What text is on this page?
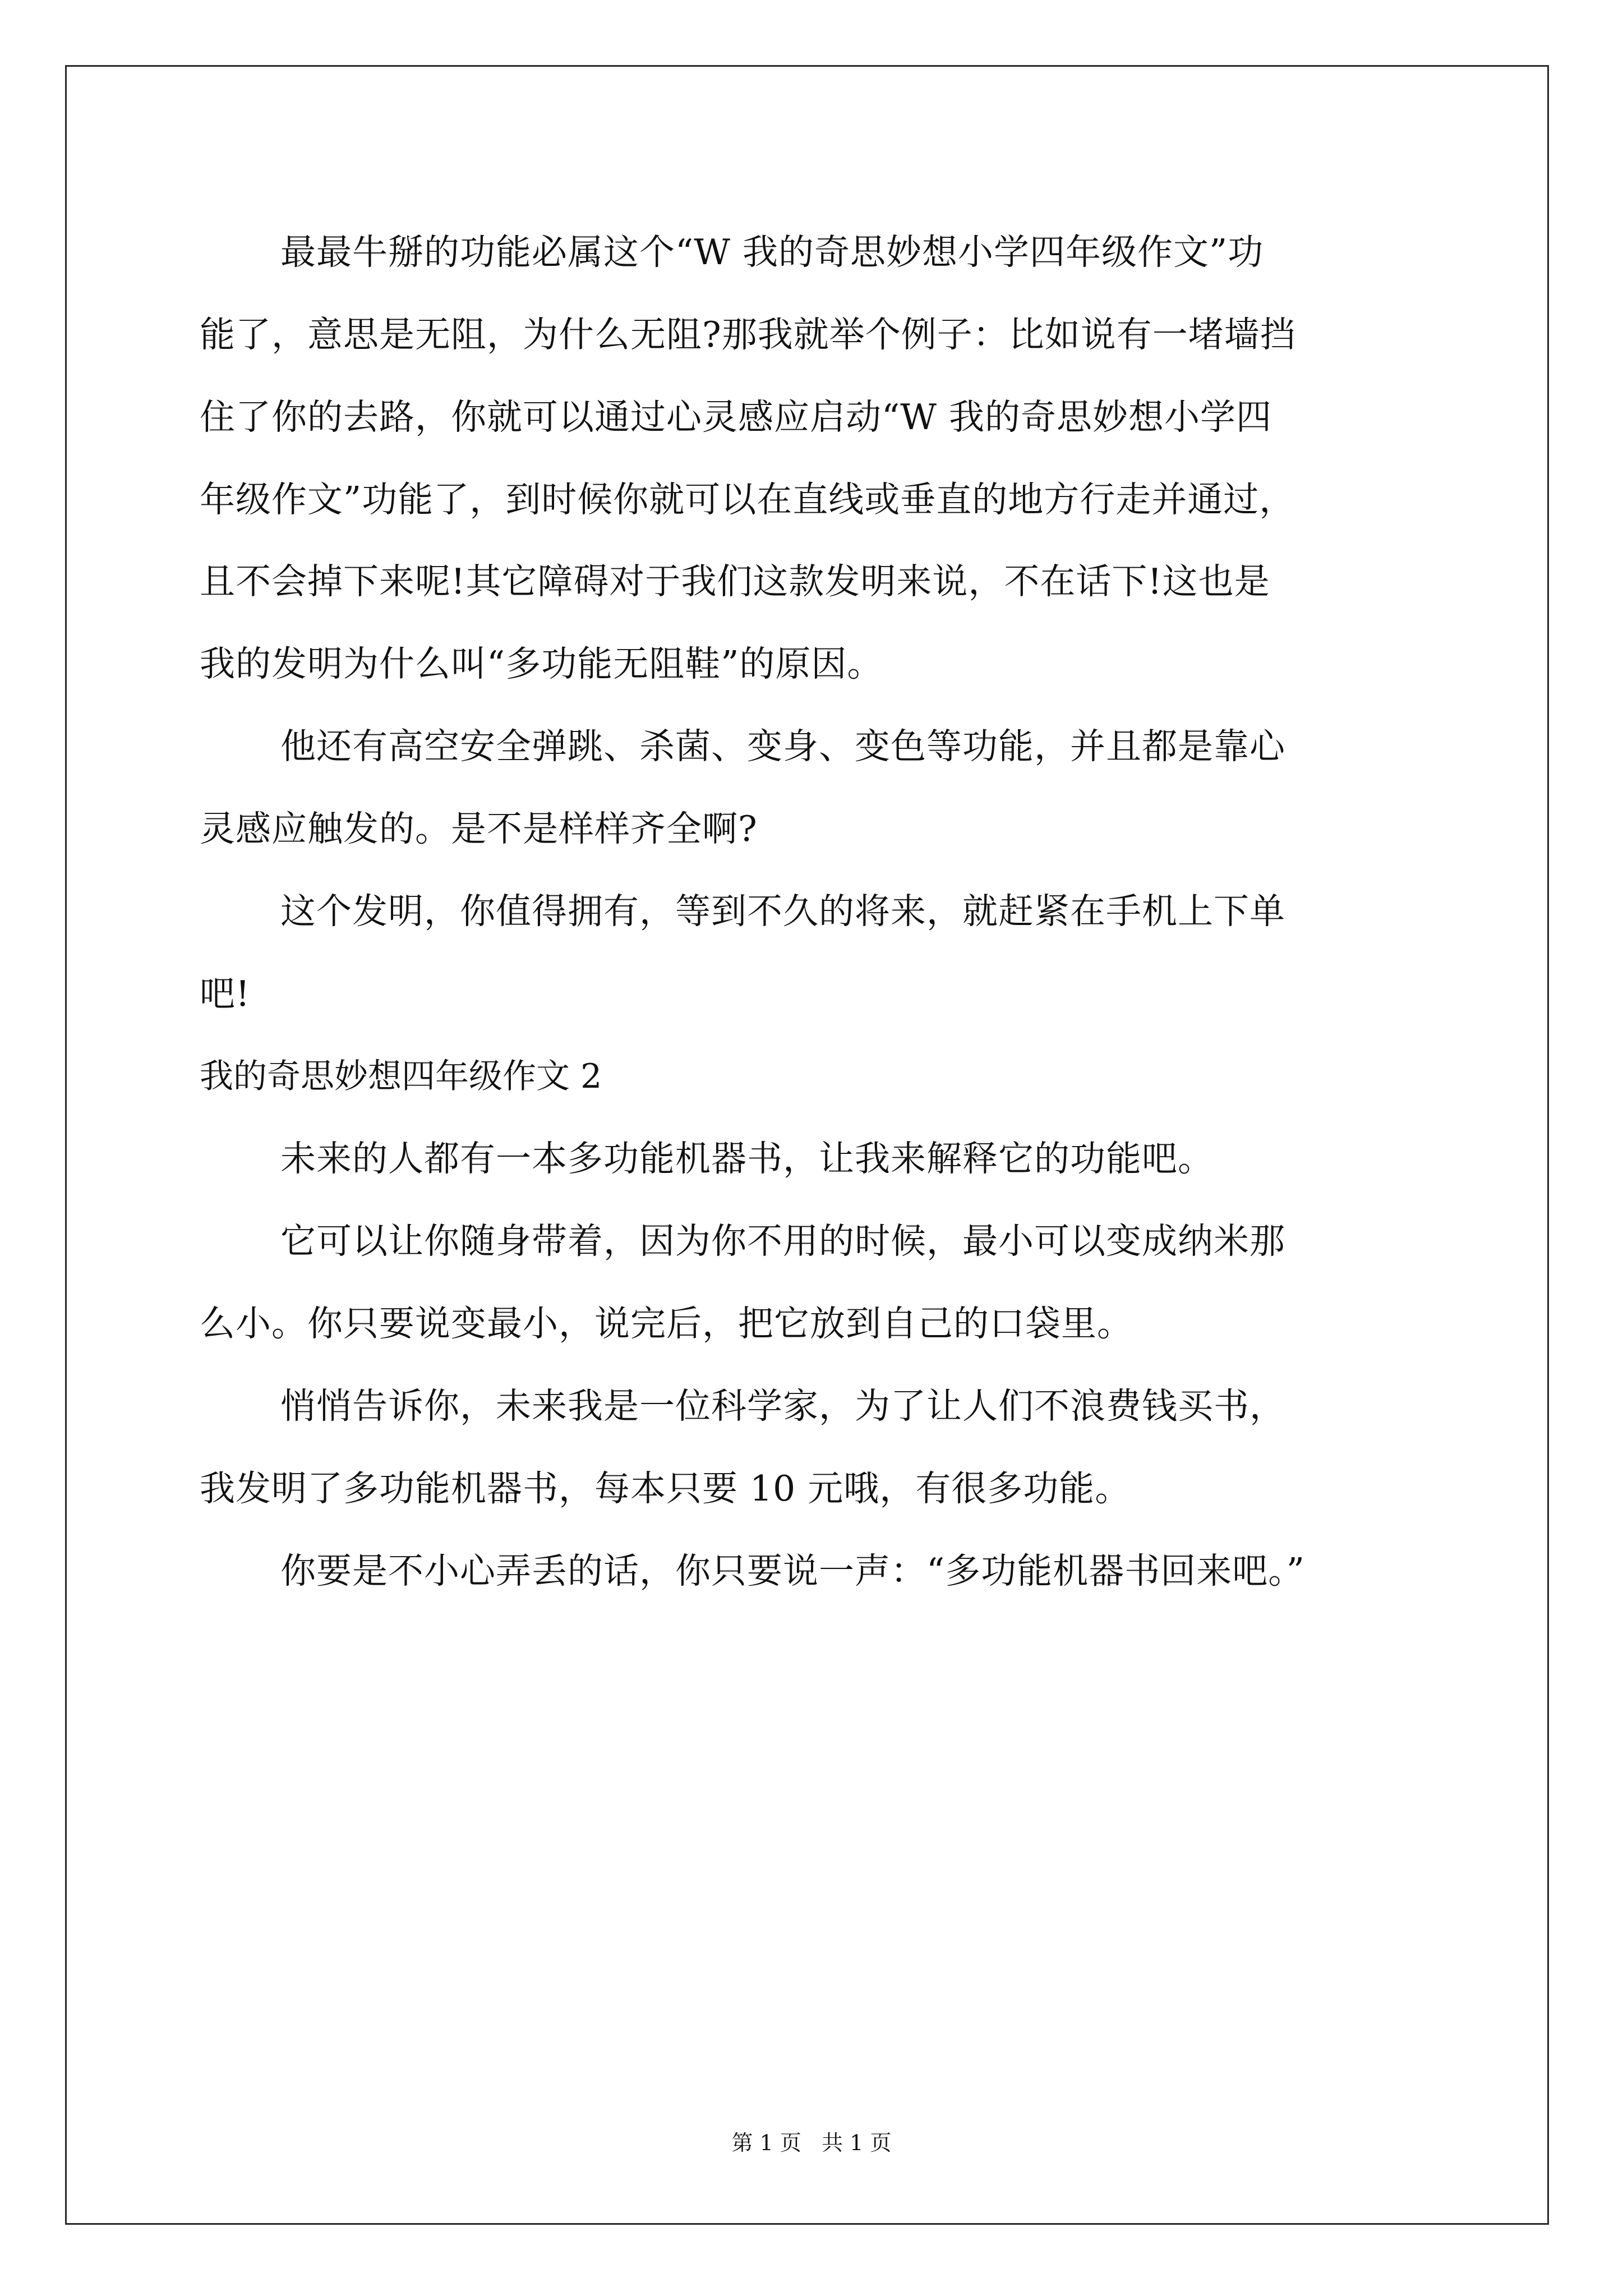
最最牛掰的功能必属这个“W 我的奇思妙想小学四年级作文”功
能了，意思是无阻，为什么无阻?那我就举个例子：比如说有一堵墙挡
住了你的去路，你就可以通过心灵感应启动“W 我的奇思妙想小学四
年级作文”功能了，到时候你就可以在直线或垂直的地方行走并通过，
且不会掉下来呢!其它障碍对于我们这款发明来说，不在话下!这也是
我的发明为什么叫“多功能无阻鞋”的原因。
他还有高空安全弹跳、杀菌、变身、变色等功能，并且都是靠心
灵感应触发的。是不是样样齐全啊?
这个发明，你值得拥有，等到不久的将来，就赶紧在手机上下单
吧!
我的奇思妙想四年级作文 2
未来的人都有一本多功能机器书，让我来解释它的功能吧。
它可以让你随身带着，因为你不用的时候，最小可以变成纳米那
么小。你只要说变最小，说完后，把它放到自己的口袋里。
悄悄告诉你，未来我是一位科学家，为了让人们不浪费钱买书，
我发明了多功能机器书，每本只要 10 元哦，有很多功能。
你要是不小心弄丢的话，你只要说一声：“多功能机器书回来吧。”
第 1 页   共 1 页
